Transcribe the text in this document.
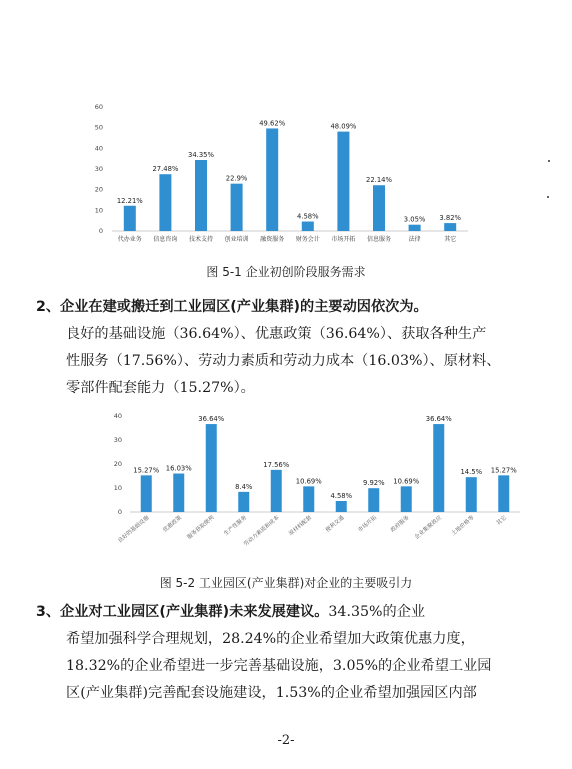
0
10
20
30
40
50
60
12.21%
代办业务
27.48%
信息咨询
34.35%
技术支持
22.9%
创业培训
49.62%
融资服务
4.58%
财务会计
48.09%
市场开拓
22.14%
信息服务
3.05%
法律
3.82%
其它
图 5-1 企业初创阶段服务需求
2、企业在建或搬迁到工业园区(产业集群)的主要动因依次为。
良好的基础设施（36.64%）、优惠政策（36.64%）、获取各种生产
性服务（17.56%）、劳动力素质和劳动力成本（16.03%）、原材料、
零部件配套能力（15.27%）。
0
10
20
30
40
15.27%
良好的基础设施
16.03%
优惠政策
36.64%
服务获取便利
8.4%
生产性服务
17.56%
劳动力素质和成本
10.69%
原材料配套
4.58%
便利交通
9.92%
市场开拓
10.69%
政府服务
36.64%
企业集聚效应
14.5%
土地价格等
15.27%
其它
图 5-2 工业园区(产业集群)对企业的主要吸引力
3、企业对工业园区(产业集群)未来发展建议。34.35%的企业
希望加强科学合理规划，28.24%的企业希望加大政策优惠力度，
18.32%的企业希望进一步完善基础设施，3.05%的企业希望工业园
区(产业集群)完善配套设施建设，1.53%的企业希望加强园区内部
-2-
